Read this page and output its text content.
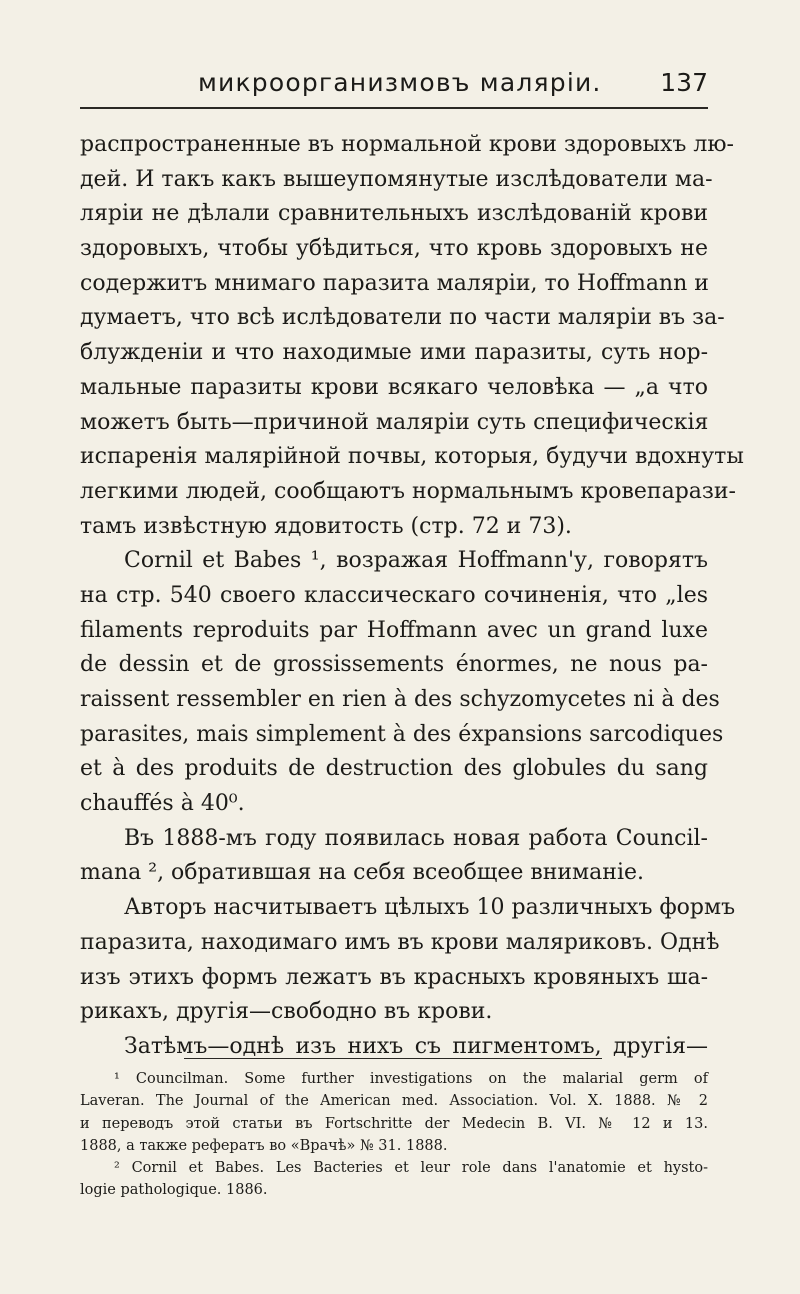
микроорганизмовъ маляріи. 137
распространенные въ нормальной крови здоровыхъ лю-
дей. И такъ какъ вышеупомянутые изслѣдователи ма-
ляріи не дѣлали сравнительныхъ изслѣдованій крови
здоровыхъ, чтобы убѣдиться, что кровь здоровыхъ не
содержитъ мнимаго паразита маляріи, то Hoffmann и
думаетъ, что всѣ ислѣдователи по части маляріи въ за-
блужденіи и что находимые ими паразиты, суть нор-
мальные паразиты крови всякаго человѣка — „а что
можетъ быть—причиной маляріи суть специфическія
испаренія малярійной почвы, которыя, будучи вдохнуты
легкими людей, сообщаютъ нормальнымъ кровепарази-
тамъ извѣстную ядовитость (стр. 72 и 73).
Cornil et Babes ¹, возражая Hoffmann'у, говорятъ
на стр. 540 своего классическаго сочиненія, что „les
filaments reproduits par Hoffmann avec un grand luxe
de dessin et de grossissements énormes, ne nous pa-
raissent ressembler en rien à des schyzomycetes ni à des
parasites, mais simplement à des éxpansions sarcodiques
et à des produits de destruction des globules du sang
chauffés à 40⁰.
Въ 1888-мъ году появилась новая работа Council-
mana ², обратившая на себя всеобщее вниманіе.
Авторъ насчитываетъ цѣлыхъ 10 различныхъ формъ
паразита, находимаго имъ въ крови маляриковъ. Однѣ
изъ этихъ формъ лежатъ въ красныхъ кровяныхъ ша-
рикахъ, другія—свободно въ крови.
Затѣмъ—однѣ изъ нихъ съ пигментомъ, другія—
¹ Councilman. Some further investigations on the malarial germ of
Laveran. The Journal of the American med. Association. Vol. X. 1888. № 2
и переводъ этой статьи въ Fortschritte der Medecin B. VI. № 12 и 13.
1888, а также рефератъ во «Врачѣ» № 31. 1888.
² Cornil et Babes. Les Bacteries et leur role dans l'anatomie et hysto-
logie pathologique. 1886.
